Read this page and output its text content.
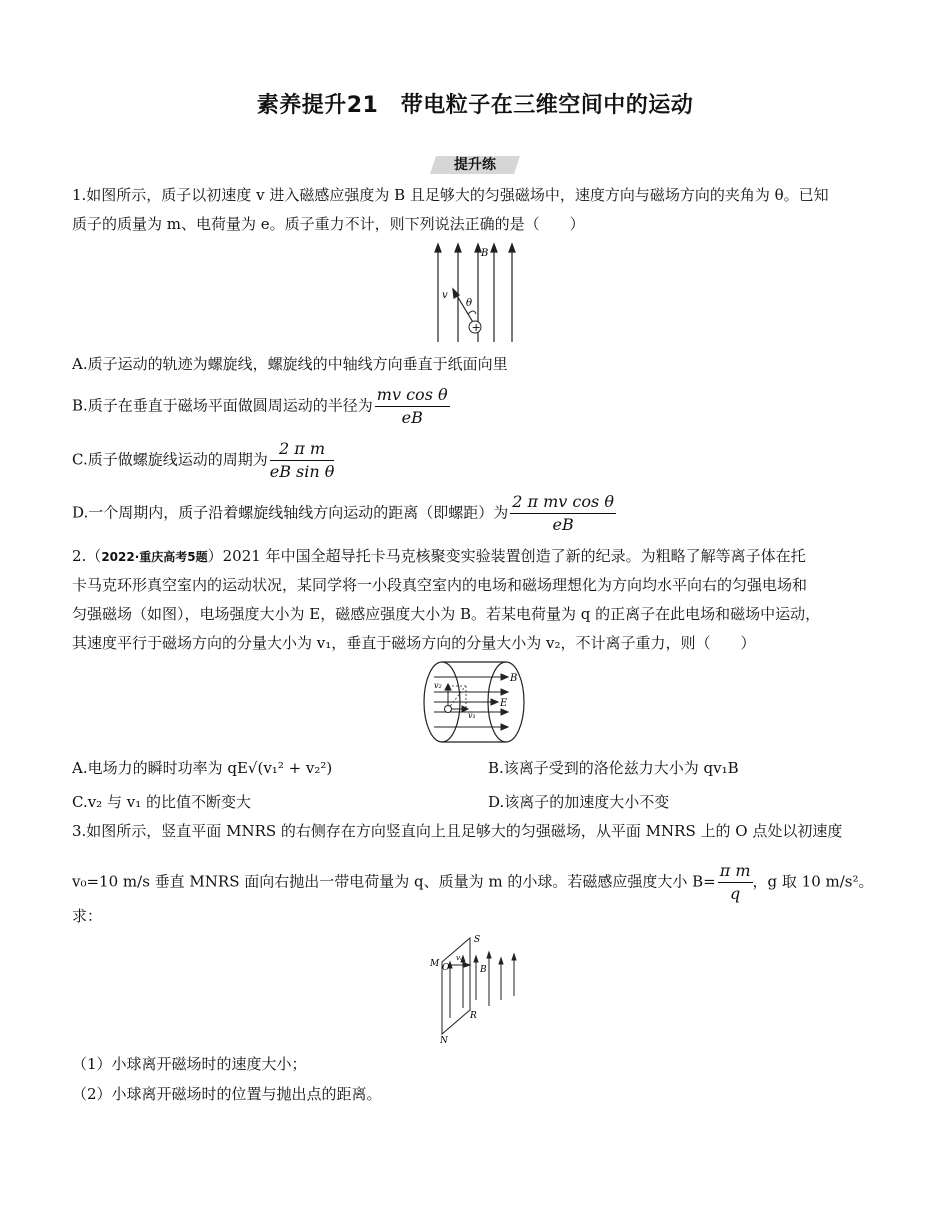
素养提升21　带电粒子在三维空间中的运动
提升练
1.如图所示，质子以初速度 v 进入磁感应强度为 B 且足够大的匀强磁场中，速度方向与磁场方向的夹角为 θ。已知
质子的质量为 m、电荷量为 e。质子重力不计，则下列说法正确的是（　　）
+
B
v
θ
A.质子运动的轨迹为螺旋线，螺旋线的中轴线方向垂直于纸面向里
B.质子在垂直于磁场平面做圆周运动的半径为 $\frac{\text{mv cos θ}}{eB}$
C.质子做螺旋线运动的周期为 $\frac{\text{2 π m}}{\text{eB sin θ}}$
D.一个周期内，质子沿着螺旋线轴线方向运动的距离（即螺距）为 $\frac{\text{2 π mv cos θ}}{eB}$
2.（2022·重庆高考5题）2021 年中国全超导托卡马克核聚变实验装置创造了新的纪录。为粗略了解等离子体在托
卡马克环形真空室内的运动状况，某同学将一小段真空室内的电场和磁场理想化为方向均水平向右的匀强电场和
匀强磁场（如图），电场强度大小为 E，磁感应强度大小为 B。若某电荷量为 q 的正离子在此电场和磁场中运动，
其速度平行于磁场方向的分量大小为 v₁，垂直于磁场方向的分量大小为 v₂，不计离子重力，则（　　）
v₂
v₁
B
E
A.电场力的瞬时功率为 qE√(v₁² + v₂²)	B.该离子受到的洛伦兹力大小为 qv₁B
C.v₂ 与 v₁ 的比值不断变大	D.该离子的加速度大小不变
3.如图所示，竖直平面 MNRS 的右侧存在方向竖直向上且足够大的匀强磁场，从平面 MNRS 上的 O 点处以初速度
v₀=10 m/s 垂直 MNRS 面向右抛出一带电荷量为 q、质量为 m 的小球。若磁感应强度大小 $B= \frac{\text{π m}}{q}$ ，g 取 10 m/s²。
求：
M O
v₀
S
B
R
N
（1）小球离开磁场时的速度大小；
（2）小球离开磁场时的位置与抛出点的距离。
